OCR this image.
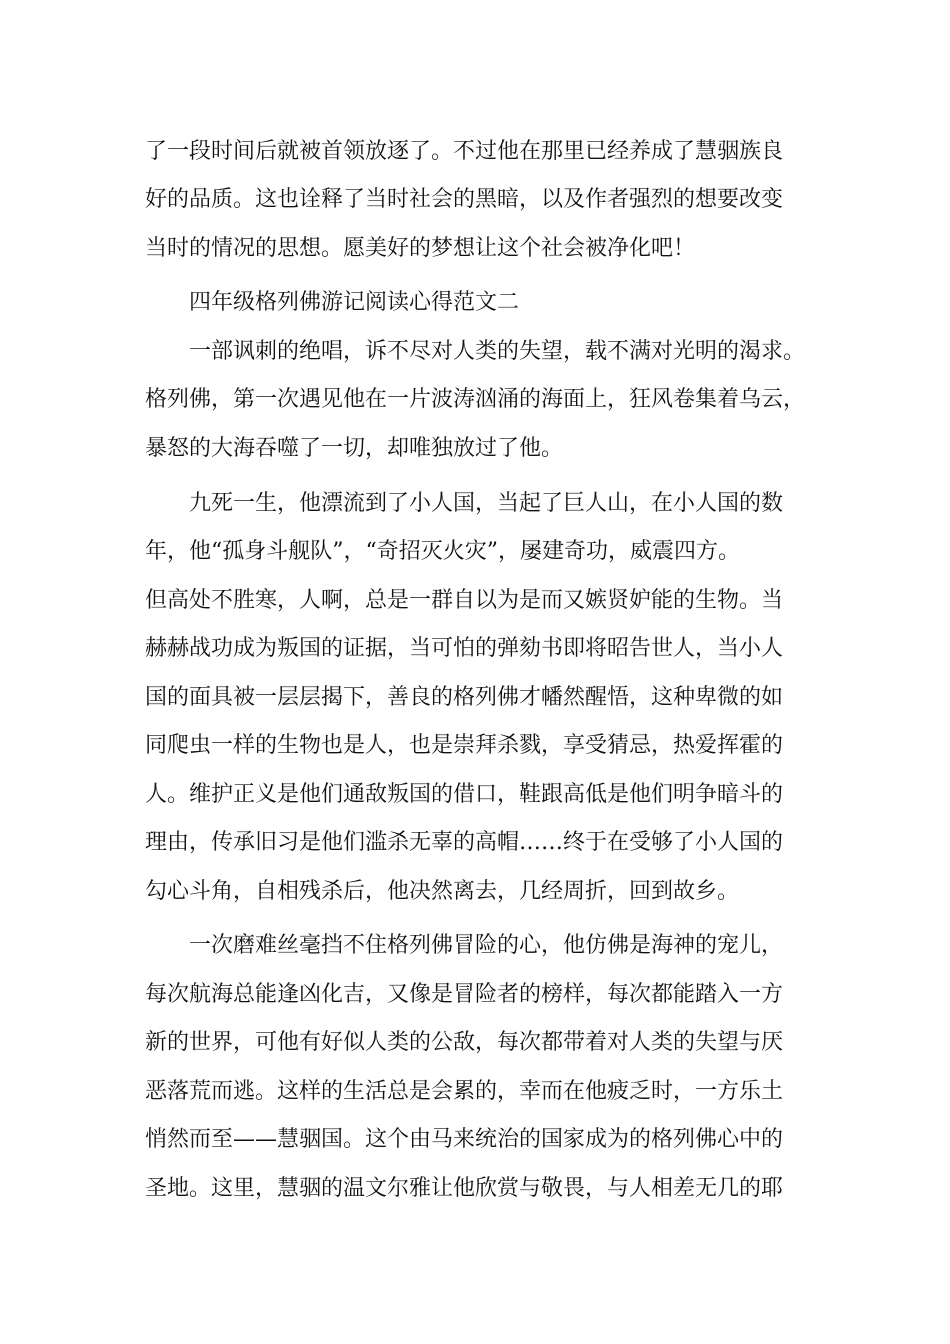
了一段时间后就被首领放逐了。不过他在那里已经养成了慧骃族良
好的品质。这也诠释了当时社会的黑暗，以及作者强烈的想要改变
当时的情况的思想。愿美好的梦想让这个社会被净化吧！
四年级格列佛游记阅读心得范文二
一部讽刺的绝唱，诉不尽对人类的失望，载不满对光明的渴求。
格列佛，第一次遇见他在一片波涛汹涌的海面上，狂风卷集着乌云，
暴怒的大海吞噬了一切，却唯独放过了他。
九死一生，他漂流到了小人国，当起了巨人山，在小人国的数
年，他“孤身斗舰队”，“奇招灭火灾”，屡建奇功，威震四方。
但高处不胜寒，人啊，总是一群自以为是而又嫉贤妒能的生物。当
赫赫战功成为叛国的证据，当可怕的弹劾书即将昭告世人，当小人
国的面具被一层层揭下，善良的格列佛才幡然醒悟，这种卑微的如
同爬虫一样的生物也是人，也是崇拜杀戮，享受猜忌，热爱挥霍的
人。维护正义是他们通敌叛国的借口，鞋跟高低是他们明争暗斗的
理由，传承旧习是他们滥杀无辜的高帽……终于在受够了小人国的
勾心斗角，自相残杀后，他决然离去，几经周折，回到故乡。
一次磨难丝毫挡不住格列佛冒险的心，他仿佛是海神的宠儿，
每次航海总能逢凶化吉，又像是冒险者的榜样，每次都能踏入一方
新的世界，可他有好似人类的公敌，每次都带着对人类的失望与厌
恶落荒而逃。这样的生活总是会累的，幸而在他疲乏时，一方乐土
悄然而至——慧骃国。这个由马来统治的国家成为的格列佛心中的
圣地。这里，慧骃的温文尔雅让他欣赏与敬畏，与人相差无几的耶
